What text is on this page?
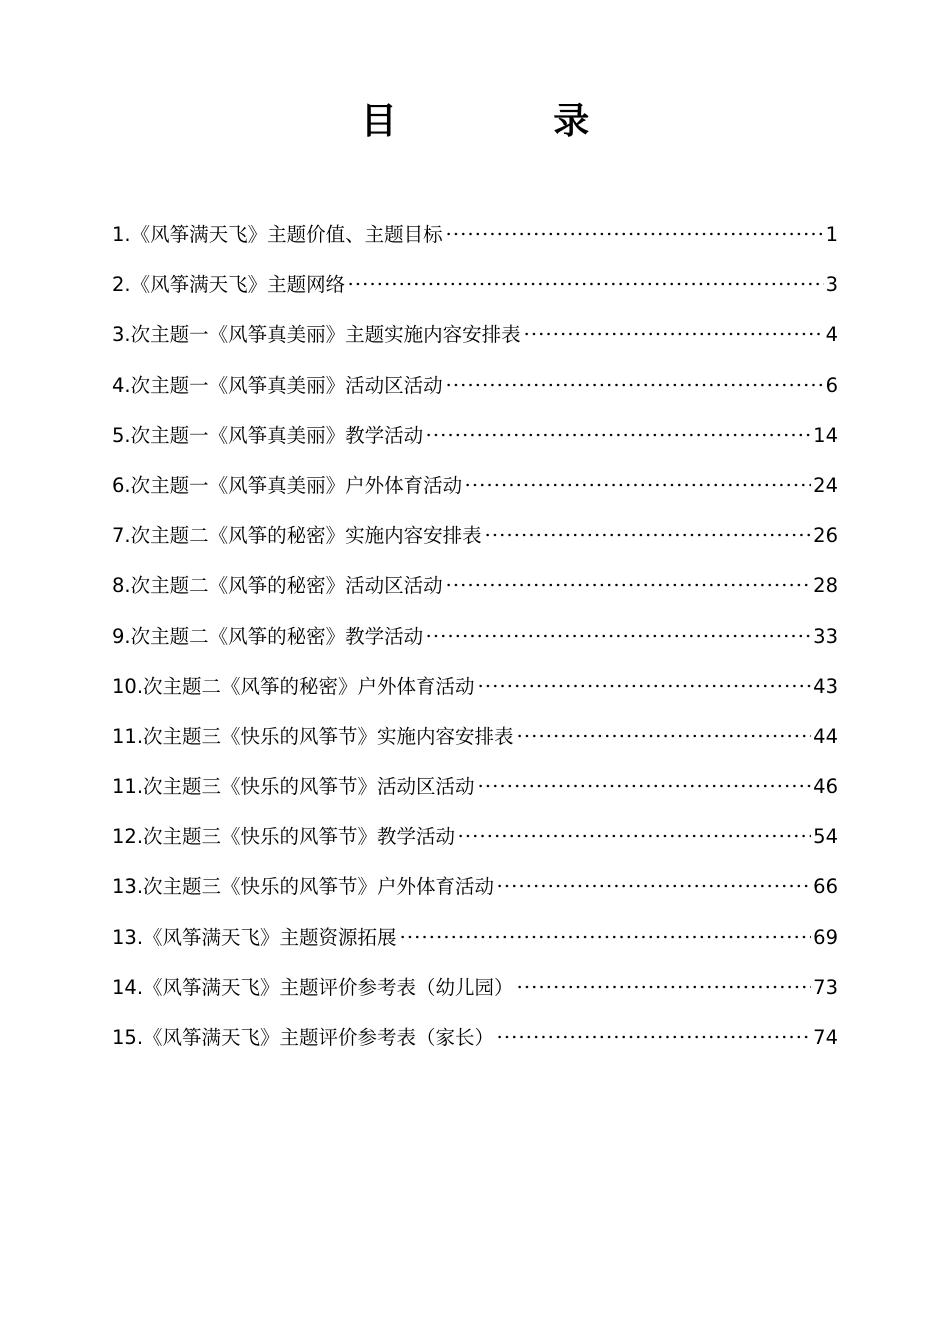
目 录
1.《风筝满天飞》主题价值、主题目标	1
2.《风筝满天飞》主题网络	3
3.次主题一《风筝真美丽》主题实施内容安排表	4
4.次主题一《风筝真美丽》活动区活动	6
5.次主题一《风筝真美丽》教学活动	14
6.次主题一《风筝真美丽》户外体育活动	24
7.次主题二《风筝的秘密》实施内容安排表	26
8.次主题二《风筝的秘密》活动区活动	28
9.次主题二《风筝的秘密》教学活动	33
10.次主题二《风筝的秘密》户外体育活动	43
11.次主题三《快乐的风筝节》实施内容安排表	44
11.次主题三《快乐的风筝节》活动区活动	46
12.次主题三《快乐的风筝节》教学活动	54
13.次主题三《快乐的风筝节》户外体育活动	66
13.《风筝满天飞》主题资源拓展	69
14.《风筝满天飞》主题评价参考表（幼儿园）	73
15.《风筝满天飞》主题评价参考表（家长）	74
